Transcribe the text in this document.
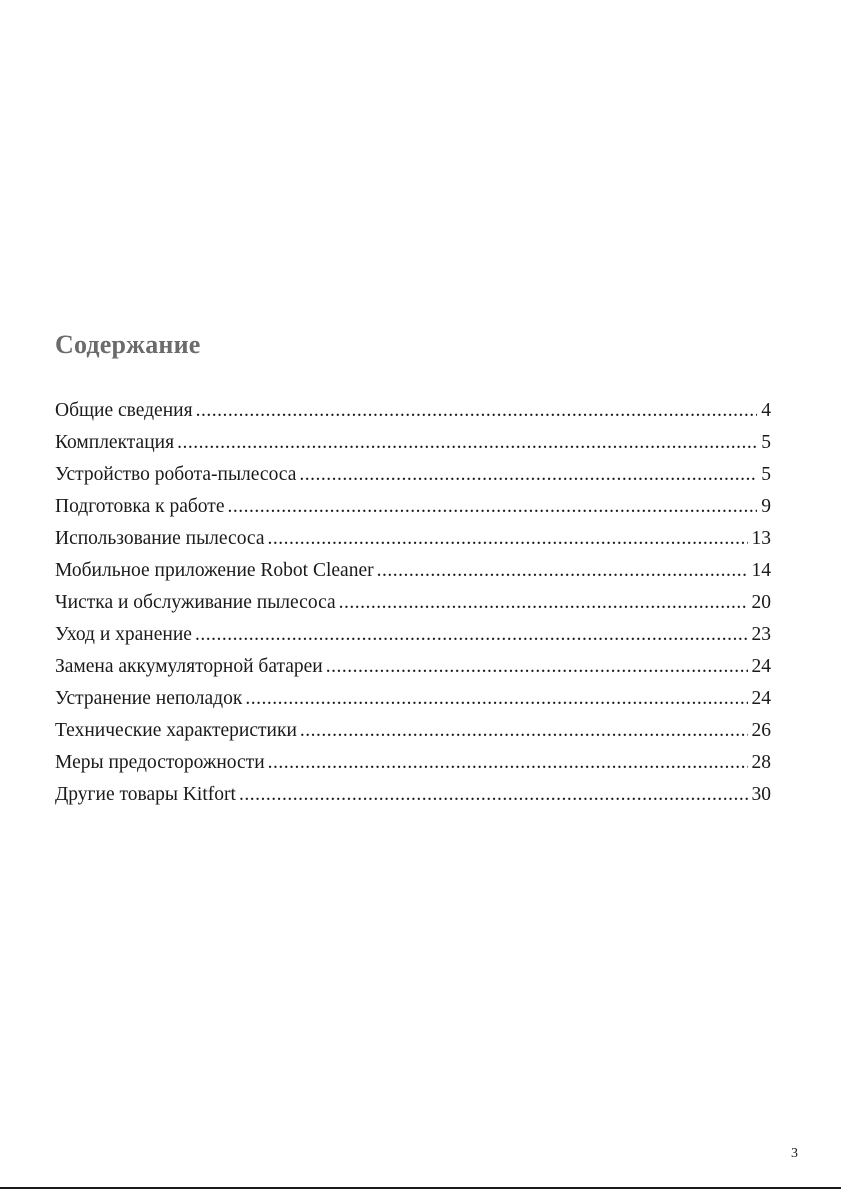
Содержание
Общие сведения .....	4
Комплектация .....	5
Устройство робота-пылесоса .....	5
Подготовка к работе .....	9
Использование пылесоса .....	13
Мобильное приложение Robot Cleaner .....	14
Чистка и обслуживание пылесоса .....	20
Уход и хранение .....	23
Замена аккумуляторной батареи .....	24
Устранение неполадок .....	24
Технические характеристики .....	26
Меры предосторожности .....	28
Другие товары Kitfort .....	30
3
